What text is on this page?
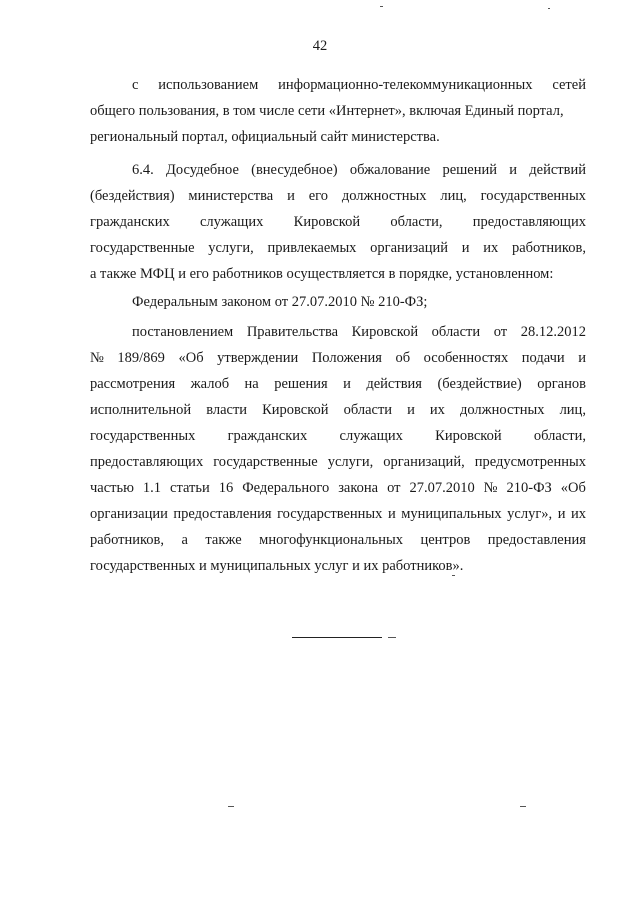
42
с использованием информационно-телекоммуникационных сетей
общего пользования, в том числе сети «Интернет», включая Единый портал,
региональный портал, официальный сайт министерства.
6.4. Досудебное (внесудебное) обжалование решений и действий
(бездействия) министерства и его должностных лиц, государственных
гражданских служащих Кировской области, предоставляющих
государственные услуги, привлекаемых организаций и их работников,
а также МФЦ и его работников осуществляется в порядке, установленном:
Федеральным законом от 27.07.2010 № 210-ФЗ;
постановлением Правительства Кировской области от 28.12.2012
№ 189/869 «Об утверждении Положения об особенностях подачи и
рассмотрения жалоб на решения и действия (бездействие) органов
исполнительной власти Кировской области и их должностных лиц,
государственных гражданских служащих Кировской области,
предоставляющих государственные услуги, организаций, предусмотренных
частью 1.1 статьи 16 Федерального закона от 27.07.2010 № 210-ФЗ «Об
организации предоставления государственных и муниципальных услуг», и их
работников, а также многофункциональных центров предоставления
государственных и муниципальных услуг и их работников».
